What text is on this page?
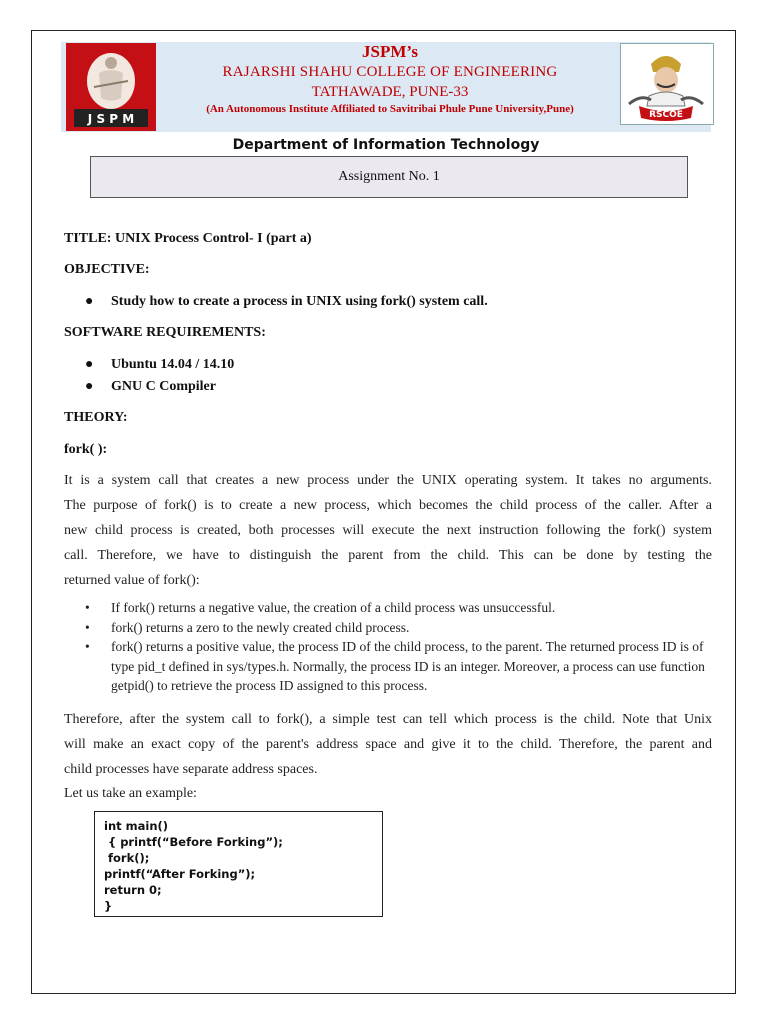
J S P M
JSPM’s
RAJARSHI SHAHU COLLEGE OF ENGINEERING
TATHAWADE, PUNE-33
(An Autonomous Institute Affiliated to Savitribai Phule Pune University,Pune)	RSCOE
Department of Information Technology
Assignment No. 1
TITLE: UNIX Process Control- I (part a)
OBJECTIVE:
● Study how to create a process in UNIX using fork() system call.
SOFTWARE REQUIREMENTS:
● Ubuntu 14.04 / 14.10
● GNU C Compiler
THEORY:
fork( ):
It is a system call that creates a new process under the UNIX operating system. It takes no arguments.
The purpose of fork() is to create a new process, which becomes the child process of the caller. After a
new child process is created, both processes will execute the next instruction following the fork() system
call. Therefore, we have to distinguish the parent from the child. This can be done by testing the
returned value of fork():
•	If fork() returns a negative value, the creation of a child process was unsuccessful.
•	fork() returns a zero to the newly created child process.
•	fork() returns a positive value, the process ID of the child process, to the parent. The returned process ID is of type pid_t defined in sys/types.h. Normally, the process ID is an integer. Moreover, a process can use function getpid() to retrieve the process ID assigned to this process.
Therefore, after the system call to fork(), a simple test can tell which process is the child. Note that Unix
will make an exact copy of the parent's address space and give it to the child. Therefore, the parent and
child processes have separate address spaces.
Let us take an example:
int main()
{ printf(“Before Forking”);
fork();
printf(“After Forking”);
return 0;
}
